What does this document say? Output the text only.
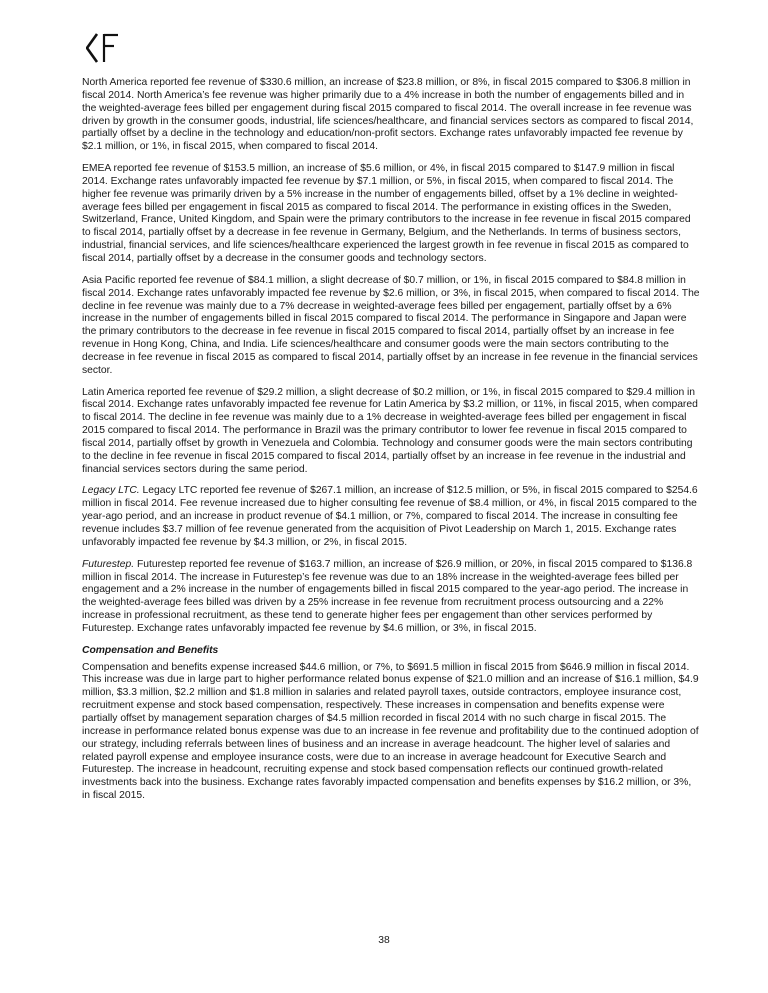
North America reported fee revenue of $330.6 million, an increase of $23.8 million, or 8%, in fiscal 2015 compared to $306.8 million in fiscal 2014. North America’s fee revenue was higher primarily due to a 4% increase in both the number of engagements billed and in the weighted-average fees billed per engagement during fiscal 2015 compared to fiscal 2014. The overall increase in fee revenue was driven by growth in the consumer goods, industrial, life sciences/healthcare, and financial services sectors as compared to fiscal 2014, partially offset by a decline in the technology and education/non-profit sectors. Exchange rates unfavorably impacted fee revenue by $2.1 million, or 1%, in fiscal 2015, when compared to fiscal 2014.

EMEA reported fee revenue of $153.5 million, an increase of $5.6 million, or 4%, in fiscal 2015 compared to $147.9 million in fiscal 2014. Exchange rates unfavorably impacted fee revenue by $7.1 million, or 5%, in fiscal 2015, when compared to fiscal 2014. The higher fee revenue was primarily driven by a 5% increase in the number of engagements billed, offset by a 1% decline in weighted-average fees billed per engagement in fiscal 2015 as compared to fiscal 2014. The performance in existing offices in the Sweden, Switzerland, France, United Kingdom, and Spain were the primary contributors to the increase in fee revenue in fiscal 2015 compared to fiscal 2014, partially offset by a decrease in fee revenue in Germany, Belgium, and the Netherlands. In terms of business sectors, industrial, financial services, and life sciences/healthcare experienced the largest growth in fee revenue in fiscal 2015 as compared to fiscal 2014, partially offset by a decrease in the consumer goods and technology sectors.

Asia Pacific reported fee revenue of $84.1 million, a slight decrease of $0.7 million, or 1%, in fiscal 2015 compared to $84.8 million in fiscal 2014. Exchange rates unfavorably impacted fee revenue by $2.6 million, or 3%, in fiscal 2015, when compared to fiscal 2014. The decline in fee revenue was mainly due to a 7% decrease in weighted-average fees billed per engagement, partially offset by a 6% increase in the number of engagements billed in fiscal 2015 compared to fiscal 2014. The performance in Singapore and Japan were the primary contributors to the decrease in fee revenue in fiscal 2015 compared to fiscal 2014, partially offset by an increase in fee revenue in Hong Kong, China, and India. Life sciences/healthcare and consumer goods were the main sectors contributing to the decrease in fee revenue in fiscal 2015 as compared to fiscal 2014, partially offset by an increase in fee revenue in the financial services sector.

Latin America reported fee revenue of $29.2 million, a slight decrease of $0.2 million, or 1%, in fiscal 2015 compared to $29.4 million in fiscal 2014. Exchange rates unfavorably impacted fee revenue for Latin America by $3.2 million, or 11%, in fiscal 2015, when compared to fiscal 2014. The decline in fee revenue was mainly due to a 1% decrease in weighted-average fees billed per engagement in fiscal 2015 compared to fiscal 2014. The performance in Brazil was the primary contributor to lower fee revenue in fiscal 2015 compared to fiscal 2014, partially offset by growth in Venezuela and Colombia. Technology and consumer goods were the main sectors contributing to the decline in fee revenue in fiscal 2015 compared to fiscal 2014, partially offset by an increase in fee revenue in the industrial and financial services sectors during the same period.

Legacy LTC. Legacy LTC reported fee revenue of $267.1 million, an increase of $12.5 million, or 5%, in fiscal 2015 compared to $254.6 million in fiscal 2014. Fee revenue increased due to higher consulting fee revenue of $8.4 million, or 4%, in fiscal 2015 compared to the year-ago period, and an increase in product revenue of $4.1 million, or 7%, compared to fiscal 2014. The increase in consulting fee revenue includes $3.7 million of fee revenue generated from the acquisition of Pivot Leadership on March 1, 2015. Exchange rates unfavorably impacted fee revenue by $4.3 million, or 2%, in fiscal 2015.

Futurestep. Futurestep reported fee revenue of $163.7 million, an increase of $26.9 million, or 20%, in fiscal 2015 compared to $136.8 million in fiscal 2014. The increase in Futurestep’s fee revenue was due to an 18% increase in the weighted-average fees billed per engagement and a 2% increase in the number of engagements billed in fiscal 2015 compared to the year-ago period. The increase in the weighted-average fees billed was driven by a 25% increase in fee revenue from recruitment process outsourcing and a 22% increase in professional recruitment, as these tend to generate higher fees per engagement than other services performed by Futurestep. Exchange rates unfavorably impacted fee revenue by $4.6 million, or 3%, in fiscal 2015.

Compensation and Benefits

Compensation and benefits expense increased $44.6 million, or 7%, to $691.5 million in fiscal 2015 from $646.9 million in fiscal 2014. This increase was due in large part to higher performance related bonus expense of $21.0 million and an increase of $16.1 million, $4.9 million, $3.3 million, $2.2 million and $1.8 million in salaries and related payroll taxes, outside contractors, employee insurance cost, recruitment expense and stock based compensation, respectively. These increases in compensation and benefits expense were partially offset by management separation charges of $4.5 million recorded in fiscal 2014 with no such charge in fiscal 2015. The increase in performance related bonus expense was due to an increase in fee revenue and profitability due to the continued adoption of our strategy, including referrals between lines of business and an increase in average headcount. The higher level of salaries and related payroll expense and employee insurance costs, were due to an increase in average headcount for Executive Search and Futurestep. The increase in headcount, recruiting expense and stock based compensation reflects our continued growth-related investments back into the business. Exchange rates favorably impacted compensation and benefits expenses by $16.2 million, or 3%, in fiscal 2015.

38
